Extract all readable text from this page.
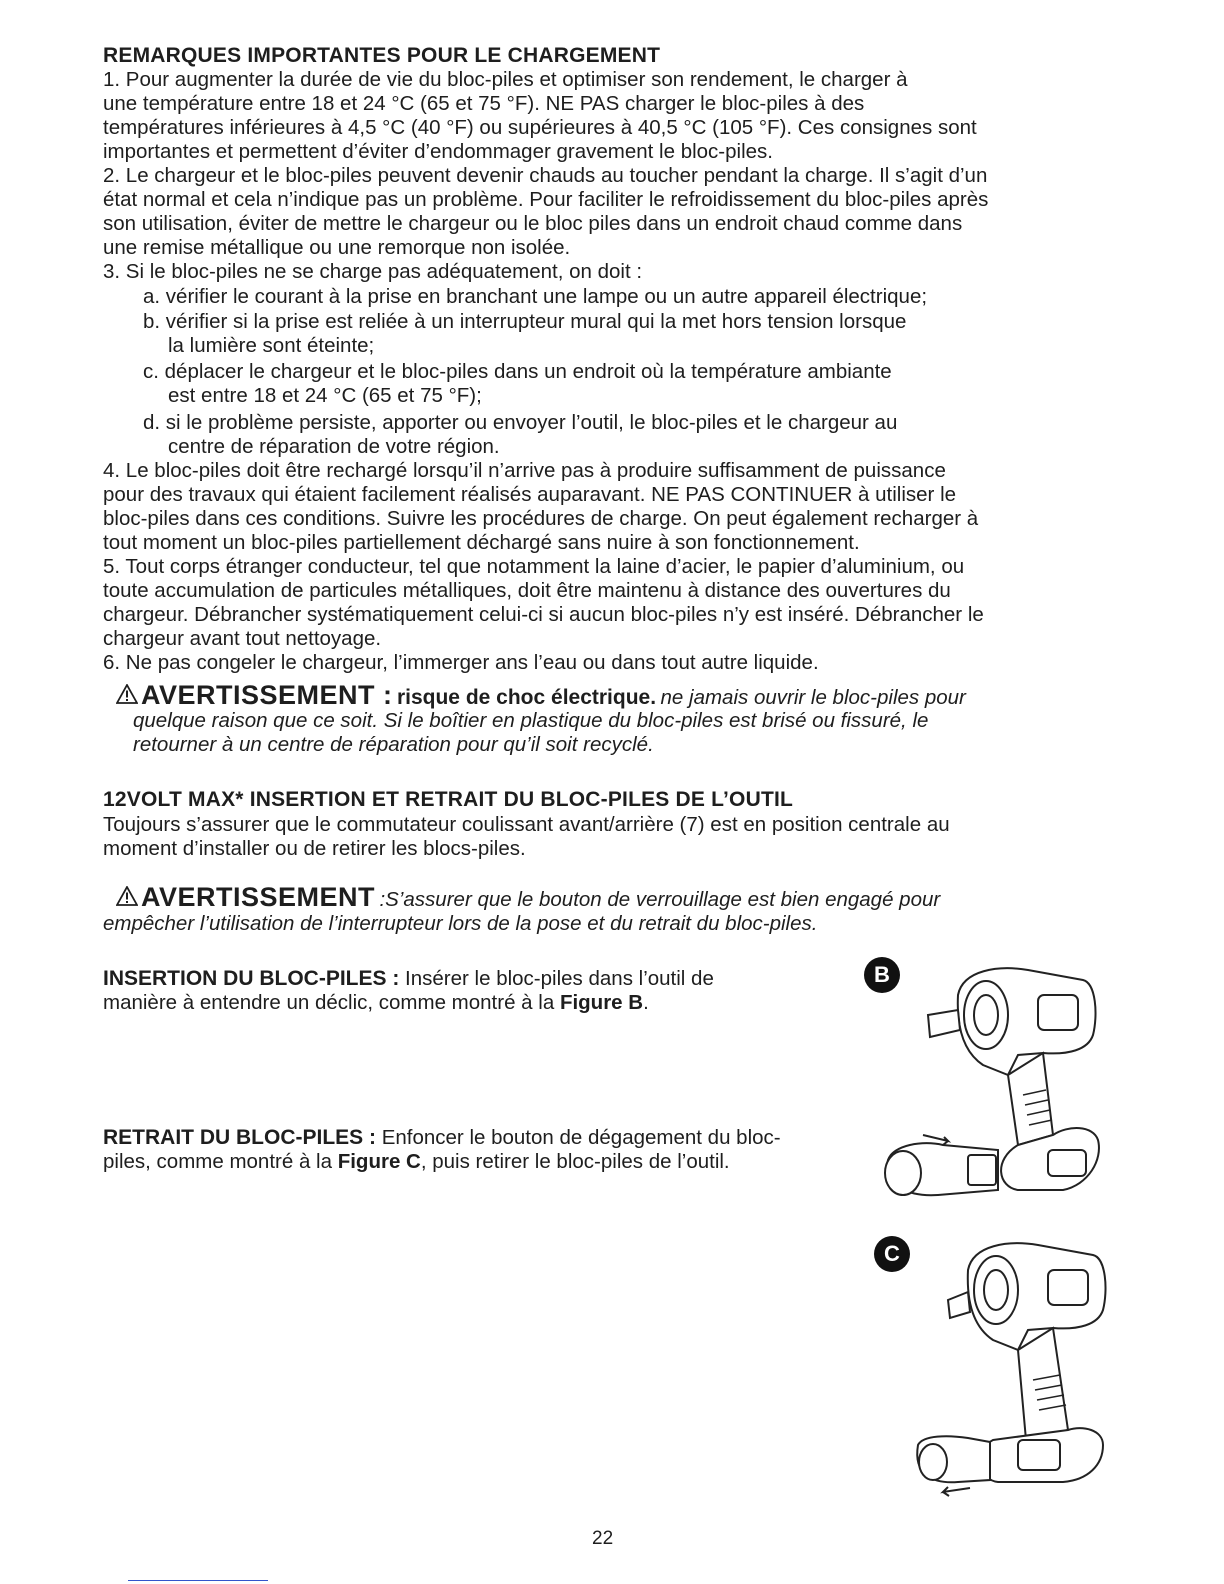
REMARQUES IMPORTANTES POUR LE CHARGEMENT
1. Pour augmenter la durée de vie du bloc-piles et optimiser son rendement, le charger à
une température entre 18 et 24 °C (65 et 75 °F). NE PAS charger le bloc-piles à des
températures inférieures à 4,5 °C (40 °F) ou supérieures à 40,5 °C (105 °F). Ces consignes sont
importantes et permettent d’éviter d’endommager gravement le bloc-piles.
2. Le chargeur et le bloc-piles peuvent devenir chauds au toucher pendant la charge. Il s’agit d’un
état normal et cela n’indique pas un problème. Pour faciliter le refroidissement du bloc-piles après
son utilisation, éviter de mettre le chargeur ou le bloc piles dans un endroit chaud comme dans
une remise métallique ou une remorque non isolée.
3. Si le bloc-piles ne se charge pas adéquatement, on doit :
a. vérifier le courant à la prise en branchant une lampe ou un autre appareil électrique;
b. vérifier si la prise est reliée à un interrupteur mural qui la met hors tension lorsque
la lumière sont éteinte;
c. déplacer le chargeur et le bloc-piles dans un endroit où la température ambiante
est entre 18 et 24 °C (65 et 75 °F);
d. si le problème persiste, apporter ou envoyer l’outil, le bloc-piles et le chargeur au
centre de réparation de votre région.
4. Le bloc-piles doit être rechargé lorsqu’il n’arrive pas à produire suffisamment de puissance
pour des travaux qui étaient facilement réalisés auparavant. NE PAS CONTINUER à utiliser le
bloc-piles dans ces conditions. Suivre les procédures de charge. On peut également recharger à
tout moment un bloc-piles partiellement déchargé sans nuire à son fonctionnement.
5. Tout corps étranger conducteur, tel que notamment la laine d’acier, le papier d’aluminium, ou
toute accumulation de particules métalliques, doit être maintenu à distance des ouvertures du
chargeur. Débrancher systématiquement celui-ci si aucun bloc-piles n’y est inséré. Débrancher le
chargeur avant tout nettoyage.
6. Ne pas congeler le chargeur, l’immerger ans l’eau ou dans tout autre liquide.
AVERTISSEMENT : risque de choc électrique. ne jamais ouvrir le bloc-piles pour
quelque raison que ce soit. Si le boîtier en plastique du bloc-piles est brisé ou fissuré, le
retourner à un centre de réparation pour qu’il soit recyclé.
12VOLT MAX* INSERTION ET RETRAIT DU BLOC-PILES DE L’OUTIL
Toujours s’assurer que le commutateur coulissant avant/arrière (7) est en position centrale au
moment d’installer ou de retirer les blocs-piles.
AVERTISSEMENT :S’assurer que le bouton de verrouillage est bien engagé pour
empêcher l’utilisation de l’interrupteur lors de la pose et du retrait du bloc-piles.
INSERTION DU BLOC-PILES : Insérer le bloc-piles dans l’outil de
manière à entendre un déclic, comme montré à la Figure B.
RETRAIT DU BLOC-PILES : Enfoncer le bouton de dégagement du bloc-
piles, comme montré à la Figure C, puis retirer le bloc-piles de l’outil.
B
C
22
